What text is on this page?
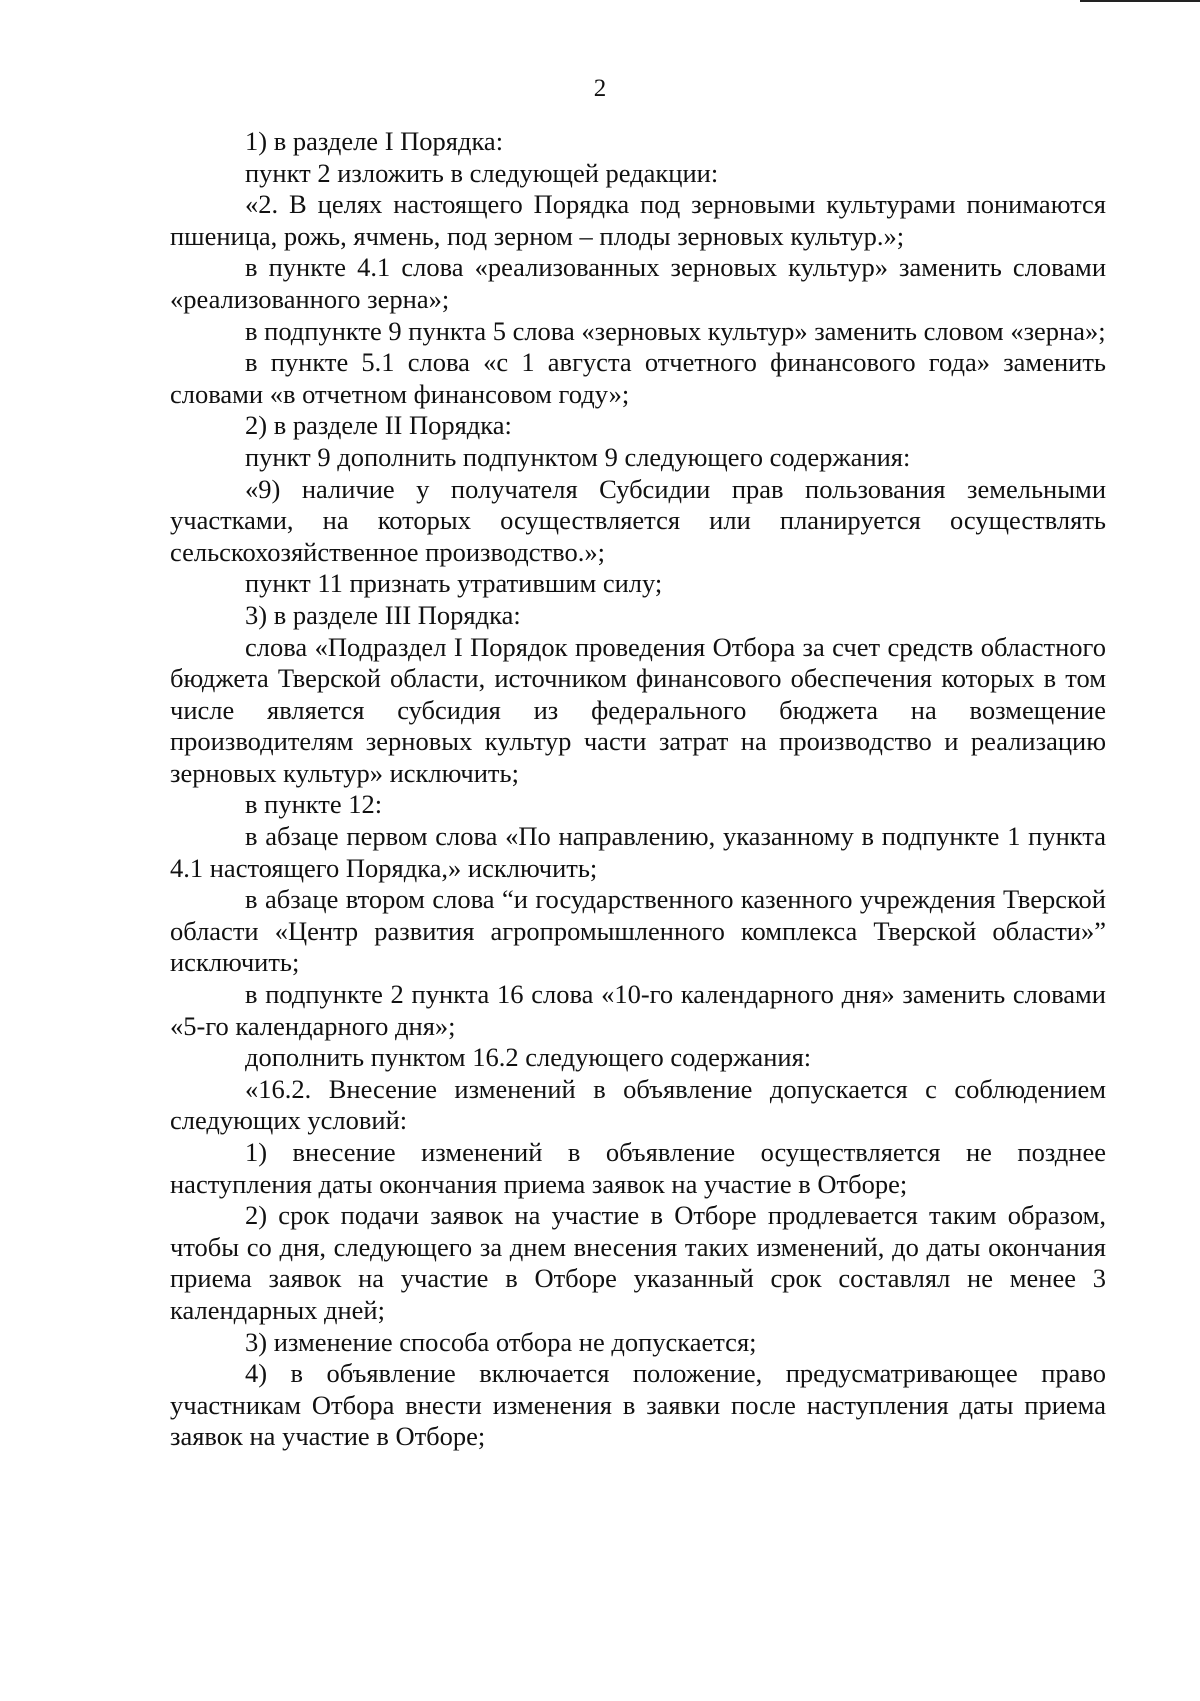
2

1) в разделе I Порядка:

пункт 2 изложить в следующей редакции:

«2. В целях настоящего Порядка под зерновыми культурами понимаются пшеница, рожь, ячмень, под зерном – плоды зерновых культур.»;

в пункте 4.1 слова «реализованных зерновых культур» заменить словами «реализованного зерна»;

в подпункте 9 пункта 5 слова «зерновых культур» заменить словом «зерна»;

в пункте 5.1 слова «с 1 августа отчетного финансового года» заменить словами «в отчетном финансовом году»;

2) в разделе II Порядка:

пункт 9 дополнить подпунктом 9 следующего содержания:

«9) наличие у получателя Субсидии прав пользования земельными участками, на которых осуществляется или планируется осуществлять сельскохозяйственное производство.»;

пункт 11 признать утратившим силу;

3) в разделе III Порядка:

слова «Подраздел I Порядок проведения Отбора за счет средств областного бюджета Тверской области, источником финансового обеспечения которых в том числе является субсидия из федерального бюджета на возмещение производителям зерновых культур части затрат на производство и реализацию зерновых культур» исключить;

в пункте 12:

в абзаце первом слова «По направлению, указанному в подпункте 1 пункта 4.1 настоящего Порядка,» исключить;

в абзаце втором слова “и государственного казенного учреждения Тверской области «Центр развития агропромышленного комплекса Тверской области»” исключить;

в подпункте 2 пункта 16 слова «10-го календарного дня» заменить словами «5-го календарного дня»;

дополнить пунктом 16.2 следующего содержания:

«16.2. Внесение изменений в объявление допускается с соблюдением следующих условий:

1) внесение изменений в объявление осуществляется не позднее наступления даты окончания приема заявок на участие в Отборе;

2) срок подачи заявок на участие в Отборе продлевается таким образом, чтобы со дня, следующего за днем внесения таких изменений, до даты окончания приема заявок на участие в Отборе указанный срок составлял не менее 3 календарных дней;

3) изменение способа отбора не допускается;

4) в объявление включается положение, предусматривающее право участникам Отбора внести изменения в заявки после наступления даты приема заявок на участие в Отборе;
